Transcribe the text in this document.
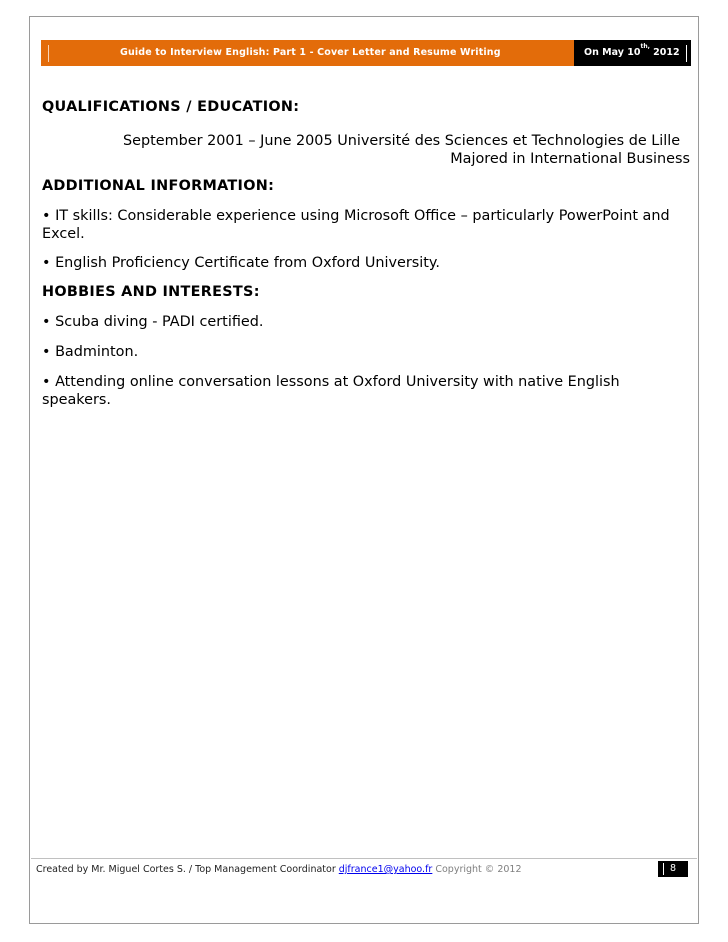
Guide to Interview English: Part 1 - Cover Letter and Resume Writing	On May $10^{th,}$ 2012

QUALIFICATIONS / EDUCATION:

September 2001 – June 2005 Université des Sciences et Technologies de Lille

Majored in International Business

ADDITIONAL INFORMATION:

• IT skills: Considerable experience using Microsoft Office – particularly PowerPoint and Excel.

• English Proficiency Certificate from Oxford University.

HOBBIES AND INTERESTS:

• Scuba diving - PADI certified.

• Badminton.

• Attending online conversation lessons at Oxford University with native English speakers.

Created by Mr. Miguel Cortes S. / Top Management Coordinator djfrance1@yahoo.fr Copyright © 2012	8
